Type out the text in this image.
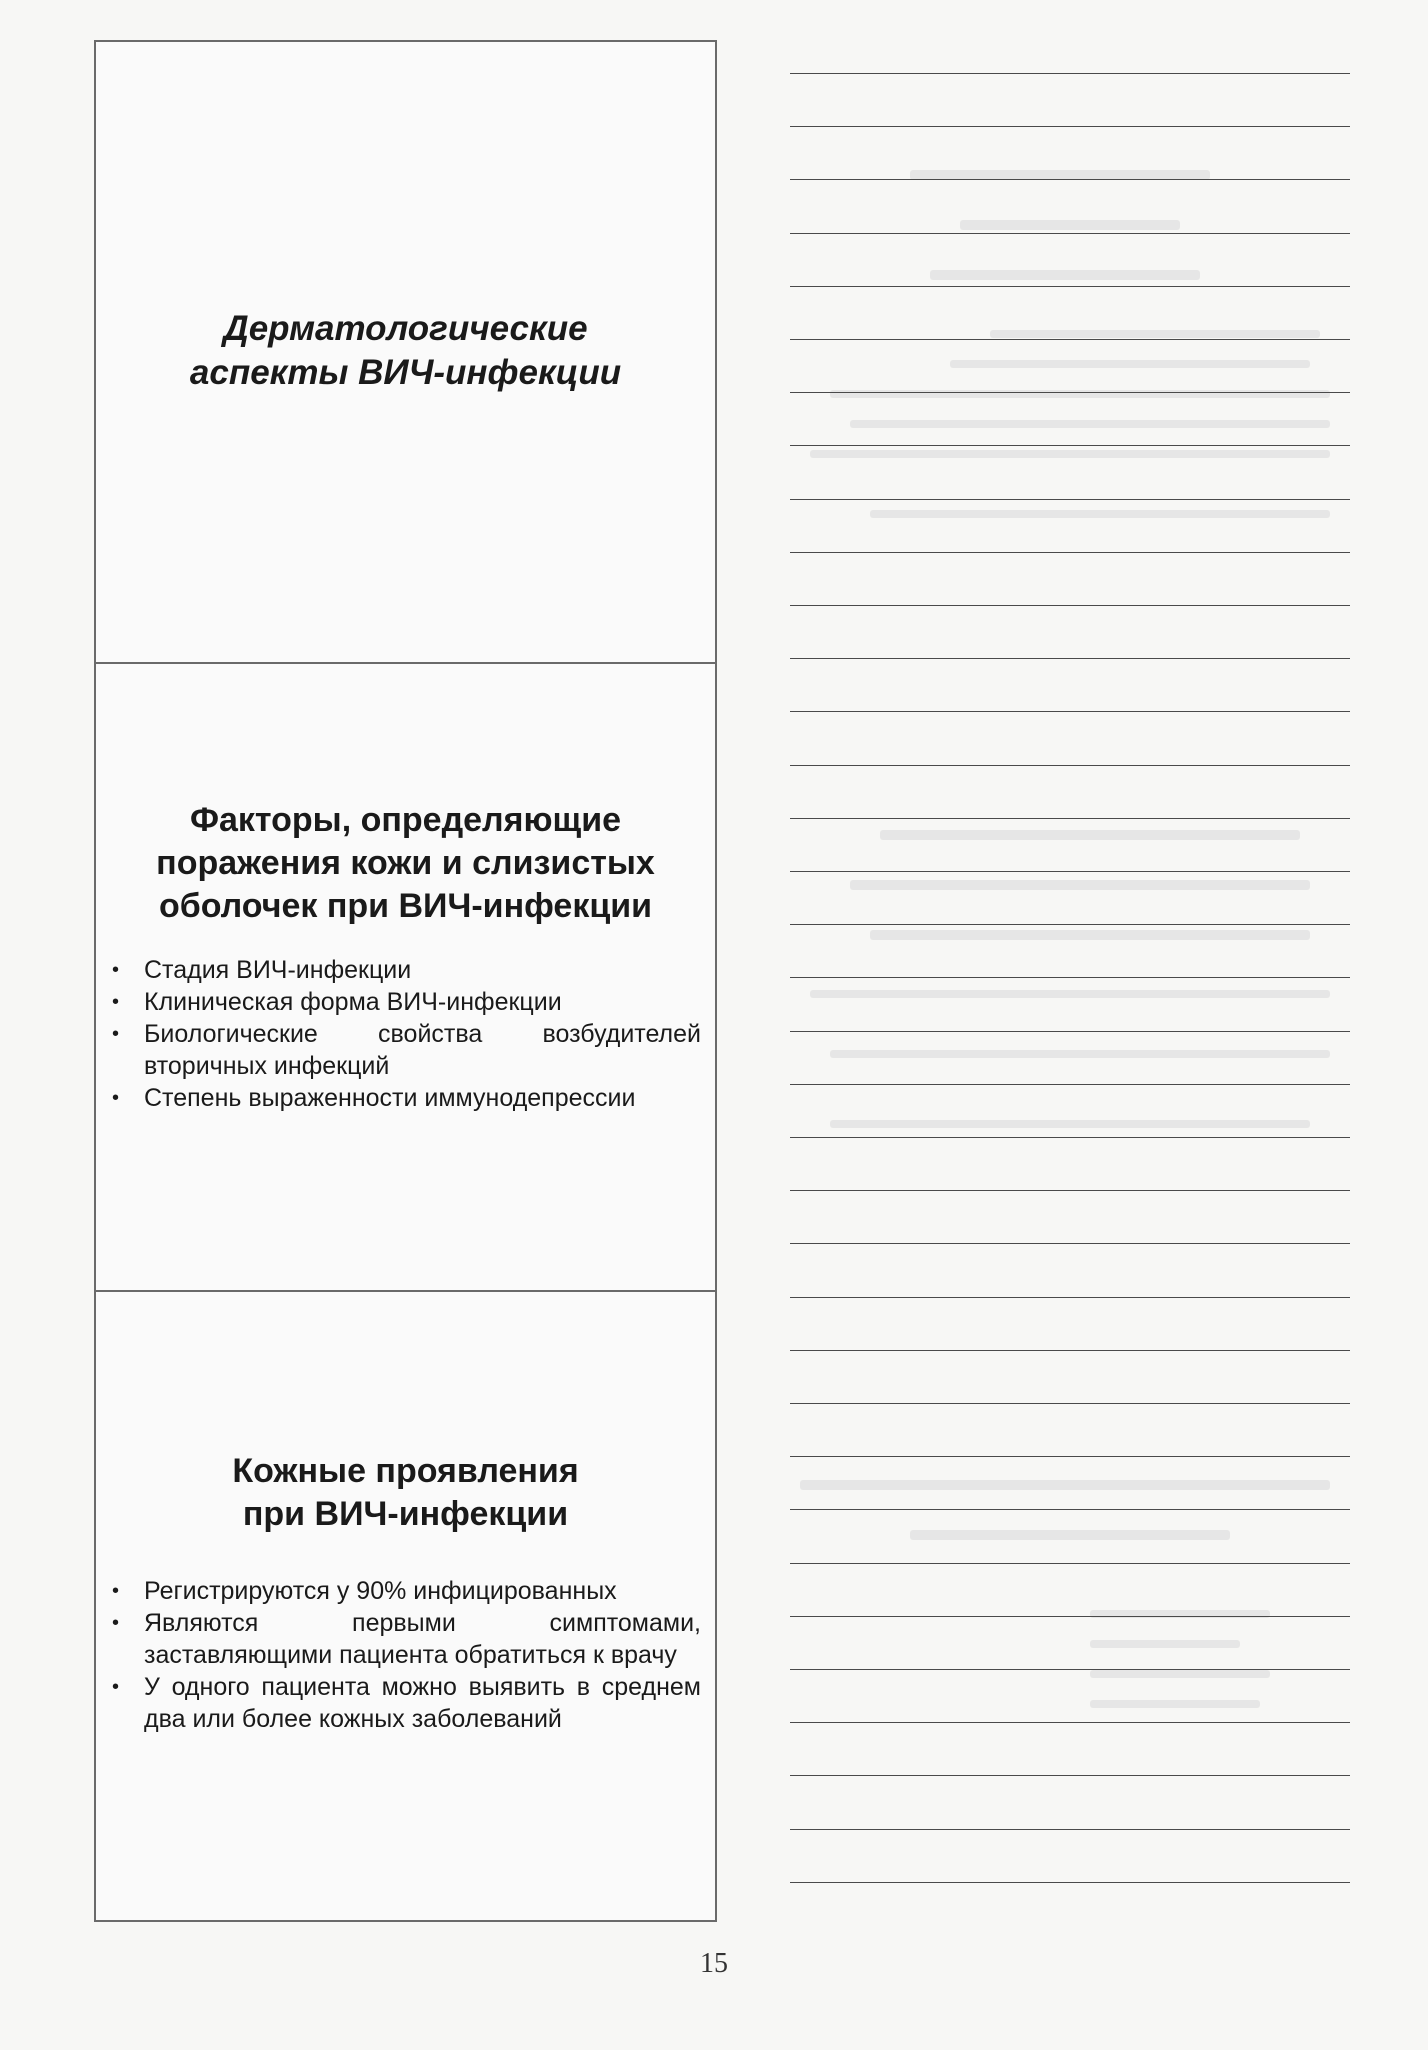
Дерматологические аспекты ВИЧ-инфекции
Факторы, определяющие поражения кожи и слизистых оболочек при ВИЧ-инфекции
• Стадия ВИЧ-инфекции
• Клиническая форма ВИЧ-инфекции
• Биологические свойства возбудителей вторичных инфекций
• Степень выраженности иммунодепрессии
Кожные проявления при ВИЧ-инфекции
• Регистрируются у 90% инфицированных
• Являются первыми симптомами, заставляющими пациента обратиться к врачу
• У одного пациента можно выявить в среднем два или более кожных заболеваний
15
